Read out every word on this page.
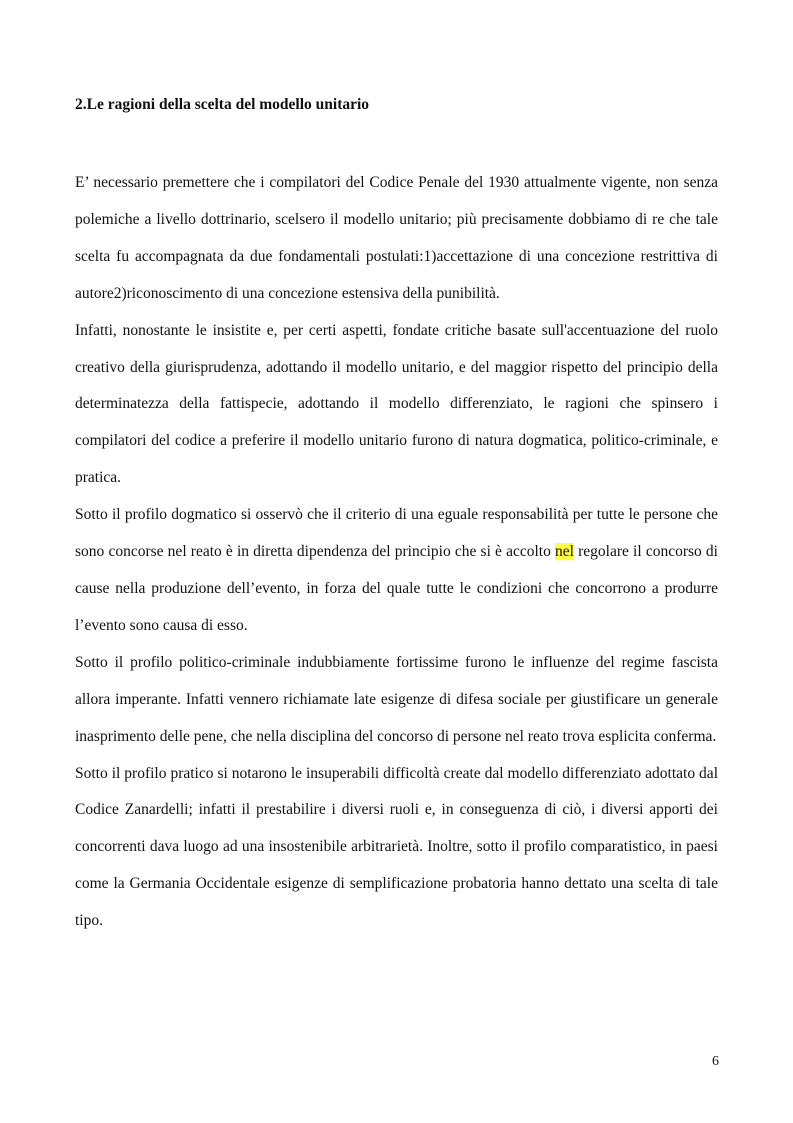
2.Le ragioni della scelta del modello unitario

E’ necessario premettere che i compilatori del Codice Penale del 1930 attualmente vigente, non senza polemiche a livello dottrinario, scelsero il modello unitario; più precisamente dobbiamo di re che tale scelta fu accompagnata da due fondamentali postulati:1)accettazione di una concezione restrittiva di autore2)riconoscimento di una concezione estensiva della punibilità.

Infatti, nonostante le insistite e, per certi aspetti, fondate critiche basate sull'accentuazione del ruolo creativo della giurisprudenza, adottando il modello unitario, e del maggior rispetto del principio della determinatezza della fattispecie, adottando il modello differenziato, le ragioni che spinsero i compilatori del codice a preferire il modello unitario furono di natura dogmatica, politico-criminale, e pratica.

Sotto il profilo dogmatico si osservò che il criterio di una eguale responsabilità per tutte le persone che sono concorse nel reato è in diretta dipendenza del principio che si è accolto nel regolare il concorso di cause nella produzione dell’evento, in forza del quale tutte le condizioni che concorrono a produrre l’evento sono causa di esso.

Sotto il profilo politico-criminale indubbiamente fortissime furono le influenze del regime fascista allora imperante. Infatti vennero richiamate late esigenze di difesa sociale per giustificare un generale inasprimento delle pene, che nella disciplina del concorso di persone nel reato trova esplicita conferma.

Sotto il profilo pratico si notarono le insuperabili difficoltà create dal modello differenziato adottato dal Codice Zanardelli; infatti il prestabilire i diversi ruoli e, in conseguenza di ciò, i diversi apporti dei concorrenti dava luogo ad una insostenibile arbitrarietà. Inoltre, sotto il profilo comparatistico, in paesi come la Germania Occidentale esigenze di semplificazione probatoria hanno dettato una scelta di tale tipo.

6
